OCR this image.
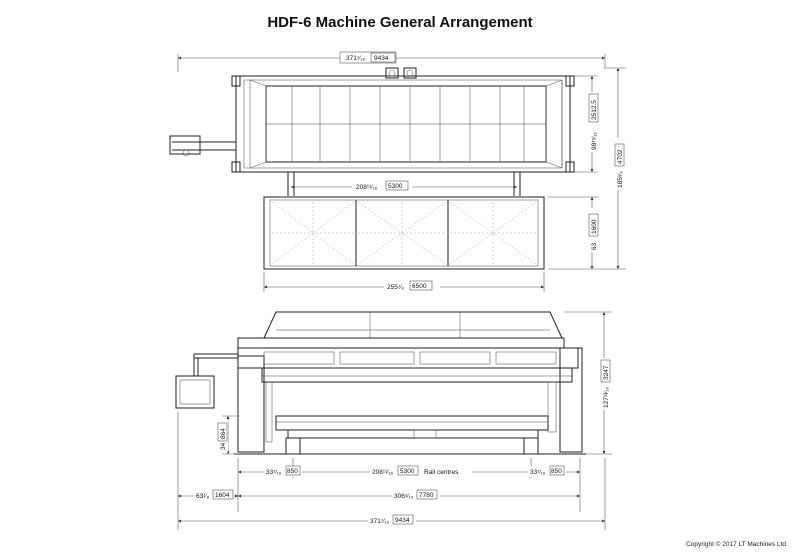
HDF-6 Machine General Arrangement
371⁷⁄₁₆ 9434
208¹¹⁄₁₆ 5300
255⁷⁄₈ 6500
98¹⁵⁄₁₆
2512.5
63
1600
185¹⁄₈
4702
34
864
127¹³⁄₁₆
3247
33⁷⁄₁₆ 850	208¹¹⁄₁₆ 5300 Rail centres	33⁷⁄₁₆ 850
63¹⁄₈ 1604	306⁵⁄₁₆ 7780
371⁷⁄₁₆ 9434
Copyright © 2017 LT Machines Ltd
